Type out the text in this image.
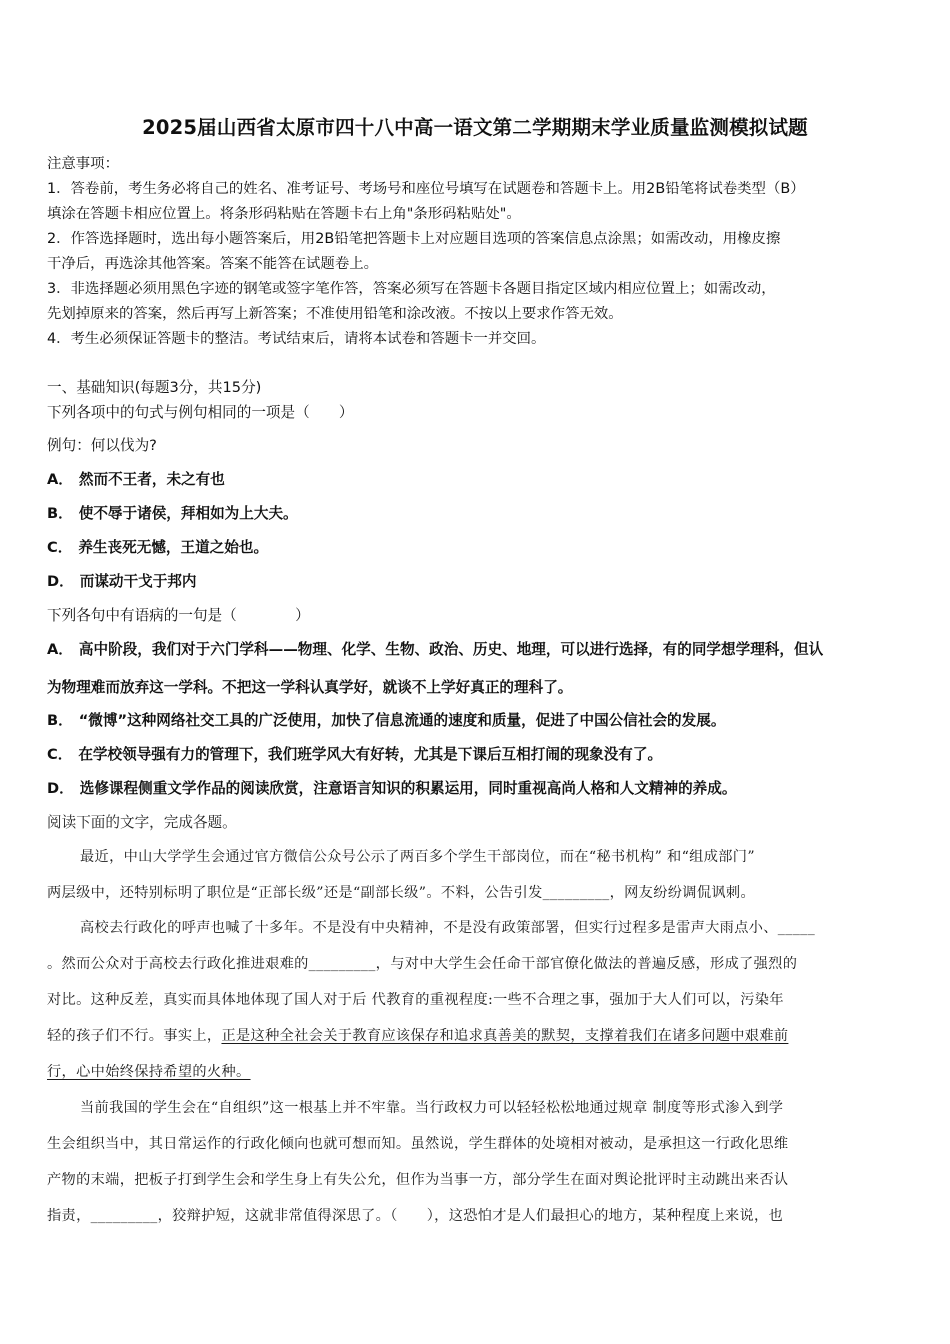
2025届山西省太原市四十八中高一语文第二学期期末学业质量监测模拟试题
注意事项：
1．答卷前，考生务必将自己的姓名、准考证号、考场号和座位号填写在试题卷和答题卡上。用2B铅笔将试卷类型（B）
填涂在答题卡相应位置上。将条形码粘贴在答题卡右上角"条形码粘贴处"。
2．作答选择题时，选出每小题答案后，用2B铅笔把答题卡上对应题目选项的答案信息点涂黑；如需改动，用橡皮擦
干净后，再选涂其他答案。答案不能答在试题卷上。
3．非选择题必须用黑色字迹的钢笔或签字笔作答，答案必须写在答题卡各题目指定区域内相应位置上；如需改动，
先划掉原来的答案，然后再写上新答案；不准使用铅笔和涂改液。不按以上要求作答无效。
4．考生必须保证答题卡的整洁。考试结束后，请将本试卷和答题卡一并交回。
一、基础知识(每题3分，共15分)
下列各项中的句式与例句相同的一项是（　　）
例句：何以伐为?
A． 然而不王者，未之有也
B． 使不辱于诸侯，拜相如为上大夫。
C． 养生丧死无憾，王道之始也。
D． 而谋动干戈于邦内
下列各句中有语病的一句是（　　　　）
A． 高中阶段，我们对于六门学科——物理、化学、生物、政治、历史、地理，可以进行选择，有的同学想学理科，但认
为物理难而放弃这一学科。不把这一学科认真学好，就谈不上学好真正的理科了。
B． “微博”这种网络社交工具的广泛使用，加快了信息流通的速度和质量，促进了中国公信社会的发展。
C． 在学校领导强有力的管理下，我们班学风大有好转，尤其是下课后互相打闹的现象没有了。
D． 选修课程侧重文学作品的阅读欣赏，注意语言知识的积累运用，同时重视高尚人格和人文精神的养成。
阅读下面的文字，完成各题。
最近，中山大学学生会通过官方微信公众号公示了两百多个学生干部岗位，而在“秘书机构” 和“组成部门”
两层级中，还特别标明了职位是“正部长级”还是“副部长级”。不料，公告引发_________，网友纷纷调侃讽刺。
高校去行政化的呼声也喊了十多年。不是没有中央精神，不是没有政策部署，但实行过程多是雷声大雨点小、_____
。然而公众对于高校去行政化推进艰难的_________，与对中大学生会任命干部官僚化做法的普遍反感，形成了强烈的
对比。这种反差，真实而具体地体现了国人对于后 代教育的重视程度:一些不合理之事，强加于大人们可以，污染年
轻的孩子们不行。事实上，正是这种全社会关于教育应该保存和追求真善美的默契，支撑着我们在诸多问题中艰难前
行，心中始终保持希望的火种。
当前我国的学生会在“自组织”这一根基上并不牢靠。当行政权力可以轻轻松松地通过规章 制度等形式渗入到学
生会组织当中，其日常运作的行政化倾向也就可想而知。虽然说，学生群体的处境相对被动，是承担这一行政化思维
产物的末端，把板子打到学生会和学生身上有失公允，但作为当事一方，部分学生在面对舆论批评时主动跳出来否认
指责，_________，狡辩护短，这就非常值得深思了。（　　），这恐怕才是人们最担心的地方，某种程度上来说，也
